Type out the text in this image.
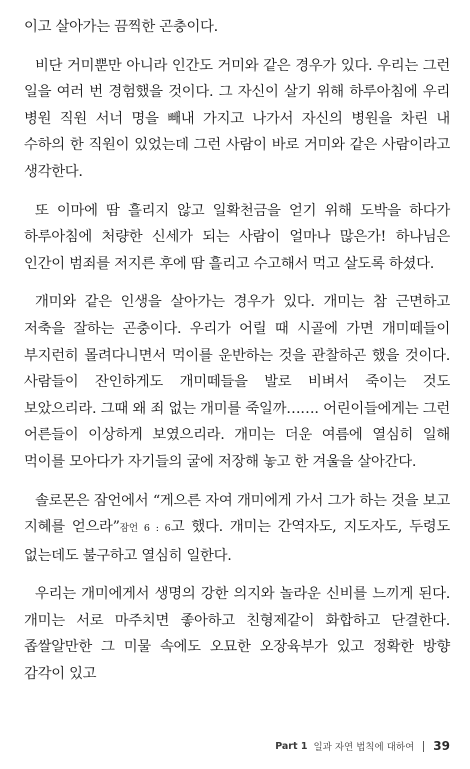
이고 살아가는 끔찍한 곤충이다.

비단 거미뿐만 아니라 인간도 거미와 같은 경우가 있다. 우리는 그런 일을 여러 번 경험했을 것이다. 그 자신이 살기 위해 하루아침에 우리 병원 직원 서너 명을 빼내 가지고 나가서 자신의 병원을 차린 내 수하의 한 직원이 있었는데 그런 사람이 바로 거미와 같은 사람이라고 생각한다.

또 이마에 땀 흘리지 않고 일확천금을 얻기 위해 도박을 하다가 하루아침에 처량한 신세가 되는 사람이 얼마나 많은가! 하나님은 인간이 범죄를 저지른 후에 땀 흘리고 수고해서 먹고 살도록 하셨다.

개미와 같은 인생을 살아가는 경우가 있다. 개미는 참 근면하고 저축을 잘하는 곤충이다. 우리가 어릴 때 시골에 가면 개미떼들이 부지런히 몰려다니면서 먹이를 운반하는 것을 관찰하곤 했을 것이다. 사람들이 잔인하게도 개미떼들을 발로 비벼서 죽이는 것도 보았으리라. 그때 왜 죄 없는 개미를 죽일까……. 어린이들에게는 그런 어른들이 이상하게 보였으리라. 개미는 더운 여름에 열심히 일해 먹이를 모아다가 자기들의 굴에 저장해 놓고 한 겨울을 살아간다.

솔로몬은 잠언에서 “게으른 자여 개미에게 가서 그가 하는 것을 보고 지혜를 얻으라”잠언 6 : 6고 했다. 개미는 간역자도, 지도자도, 두령도 없는데도 불구하고 열심히 일한다.

우리는 개미에게서 생명의 강한 의지와 놀라운 신비를 느끼게 된다. 개미는 서로 마주치면 좋아하고 친형제같이 화합하고 단결한다. 좁쌀알만한 그 미물 속에도 오묘한 오장육부가 있고 정확한 방향 감각이 있고

Part 1 일과 자연 법칙에 대하여 39
